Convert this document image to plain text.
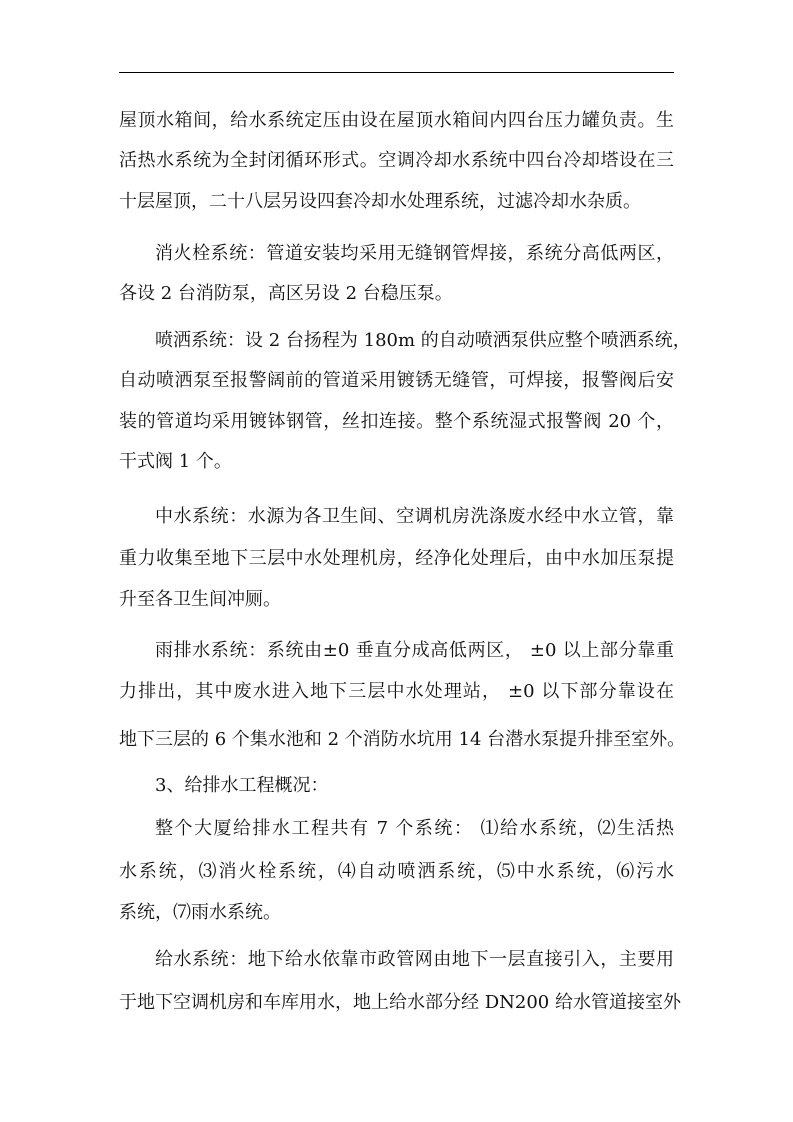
屋顶水箱间，给水系统定压由设在屋顶水箱间内四台压力罐负责。生
活热水系统为全封闭循环形式。空调冷却水系统中四台冷却塔设在三
十层屋顶，二十八层另设四套冷却水处理系统，过滤冷却水杂质。
消火栓系统：管道安装均采用无缝钢管焊接，系统分高低两区，
各设 2 台消防泵，高区另设 2 台稳压泵。
喷洒系统：设 2 台扬程为 180m 的自动喷洒泵供应整个喷洒系统，
自动喷洒泵至报警阔前的管道采用镀锈无缝管，可焊接，报警阀后安
装的管道均采用镀钵钢管，丝扣连接。整个系统湿式报警阀 20 个，
干式阀 1 个。
中水系统：水源为各卫生间、空调机房洗涤废水经中水立管，靠
重力收集至地下三层中水处理机房，经净化处理后，由中水加压泵提
升至各卫生间冲厕。
雨排水系统：系统由±0 垂直分成高低两区， ±0 以上部分靠重
力排出，其中废水进入地下三层中水处理站， ±0 以下部分靠设在
地下三层的 6 个集水池和 2 个消防水坑用 14 台潜水泵提升排至室外。
3、给排水工程概况：
整个大厦给排水工程共有 7 个系统： ⑴给水系统，⑵生活热
水系统，⑶消火栓系统，⑷自动喷洒系统，⑸中水系统，⑹污水
系统，⑺雨水系统。
给水系统：地下给水依靠市政管网由地下一层直接引入，主要用
于地下空调机房和车库用水，地上给水部分经 DN200 给水管道接室外
